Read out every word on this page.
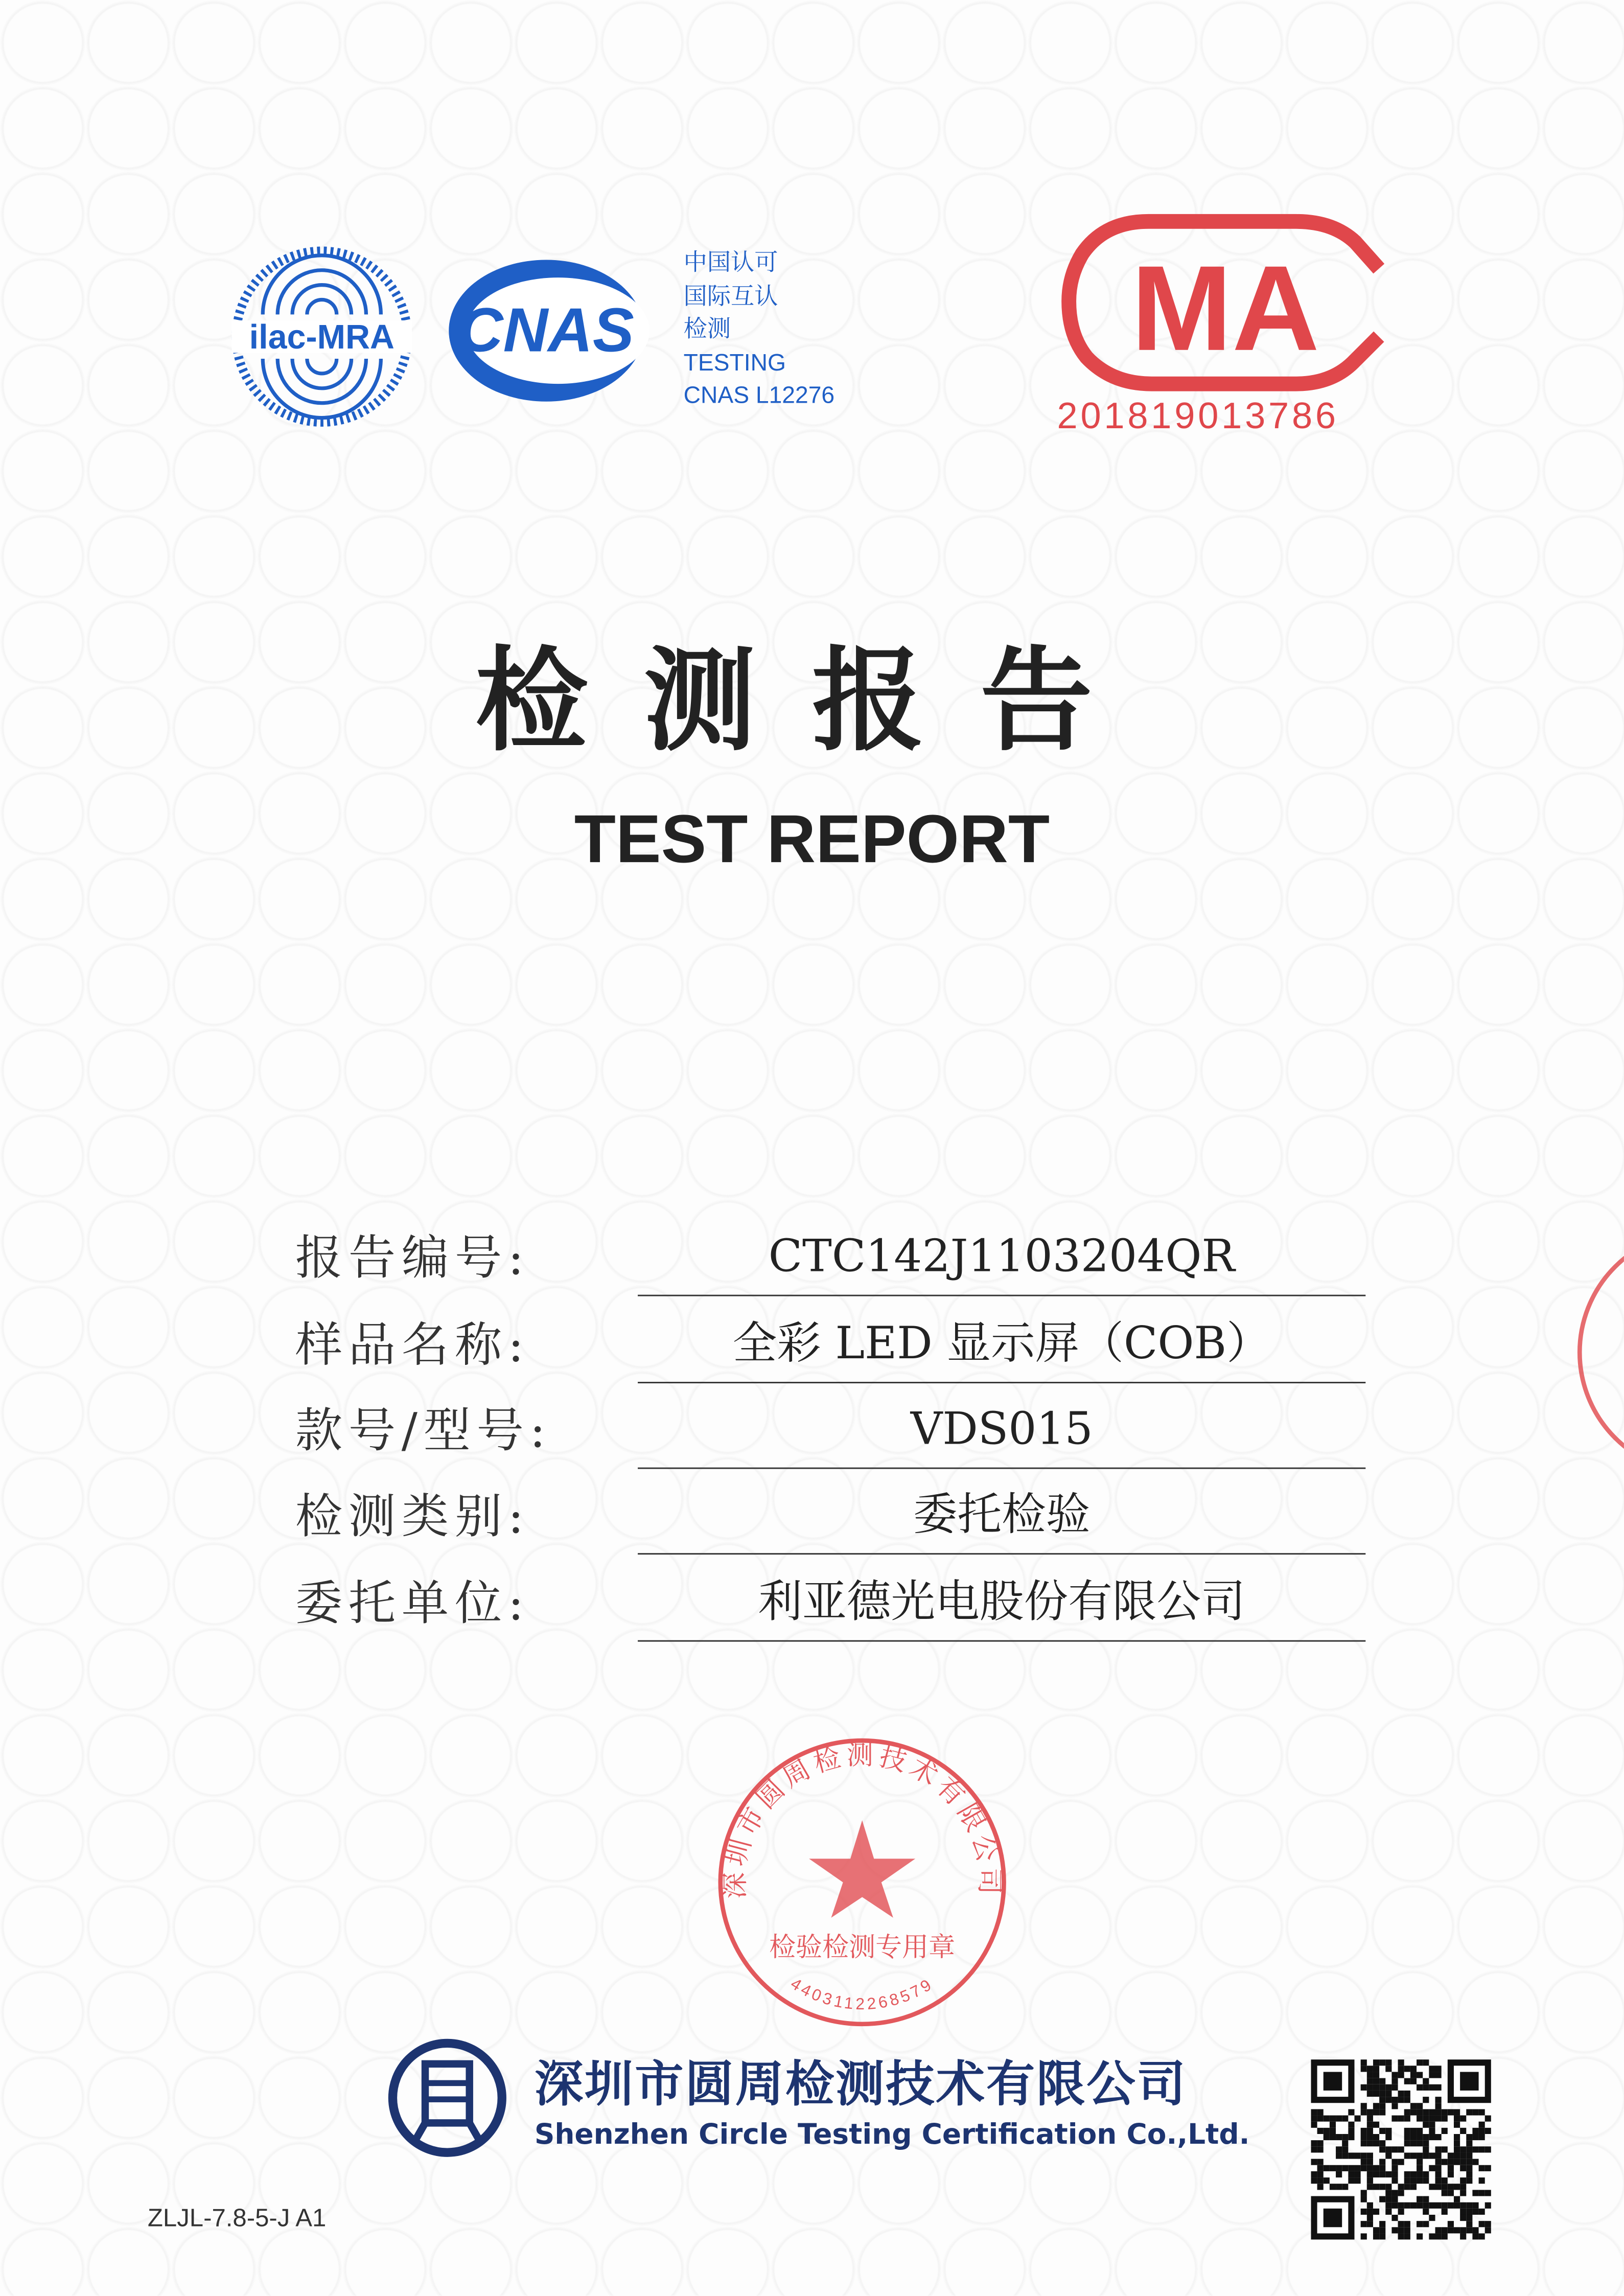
ilac-MRA	CNAS
中国认可
国际互认
检测
TESTING
CNAS L12276
MA
201819013786
检测报告
TEST REPORT
报告编号:	CTC142J1103204QR
样品名称:	全彩 LED 显示屏（COB）
款号/型号:	VDS015
检测类别:	委托检验
委托单位:	利亚德光电股份有限公司
深圳市圆周检测技术有限公司
检验检测专用章
4403112268579
深圳市圆周检测技术有限公司
Shenzhen Circle Testing Certification Co.,Ltd.
ZLJL-7.8-5-J A1
